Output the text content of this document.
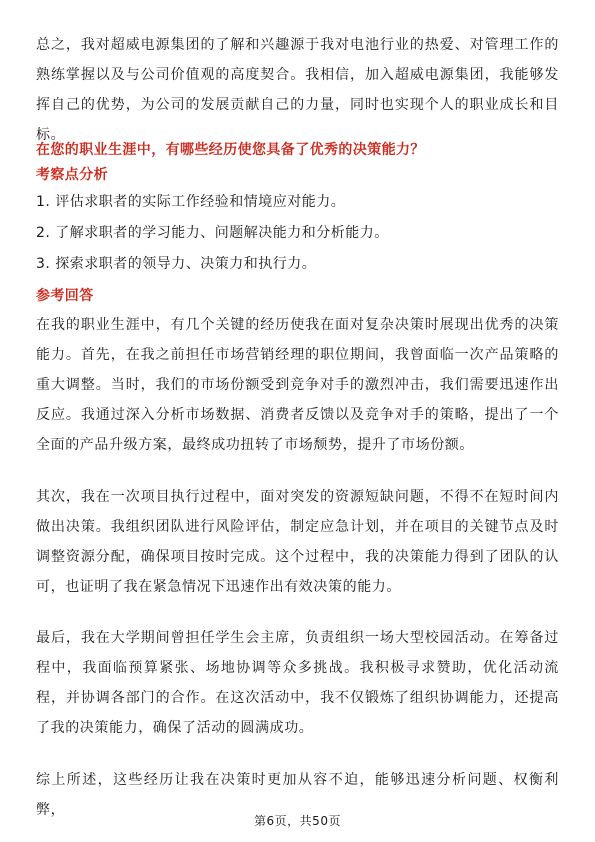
总之，我对超威电源集团的了解和兴趣源于我对电池行业的热爱、对管理工作的熟练掌握以及与公司价值观的高度契合。我相信，加入超威电源集团，我能够发挥自己的优势，为公司的发展贡献自己的力量，同时也实现个人的职业成长和目标。

在您的职业生涯中，有哪些经历使您具备了优秀的决策能力？
考察点分析
1. 评估求职者的实际工作经验和情境应对能力。
2. 了解求职者的学习能力、问题解决能力和分析能力。
3. 探索求职者的领导力、决策力和执行力。
参考回答

在我的职业生涯中，有几个关键的经历使我在面对复杂决策时展现出优秀的决策能力。首先，在我之前担任市场营销经理的职位期间，我曾面临一次产品策略的重大调整。当时，我们的市场份额受到竞争对手的激烈冲击，我们需要迅速作出反应。我通过深入分析市场数据、消费者反馈以及竞争对手的策略，提出了一个全面的产品升级方案，最终成功扭转了市场颓势，提升了市场份额。

其次，我在一次项目执行过程中，面对突发的资源短缺问题，不得不在短时间内做出决策。我组织团队进行风险评估，制定应急计划，并在项目的关键节点及时调整资源分配，确保项目按时完成。这个过程中，我的决策能力得到了团队的认可，也证明了我在紧急情况下迅速作出有效决策的能力。

最后，我在大学期间曾担任学生会主席，负责组织一场大型校园活动。在筹备过程中，我面临预算紧张、场地协调等众多挑战。我积极寻求赞助，优化活动流程，并协调各部门的合作。在这次活动中，我不仅锻炼了组织协调能力，还提高了我的决策能力，确保了活动的圆满成功。

综上所述，这些经历让我在决策时更加从容不迫，能够迅速分析问题、权衡利弊，

第6页，共50页
